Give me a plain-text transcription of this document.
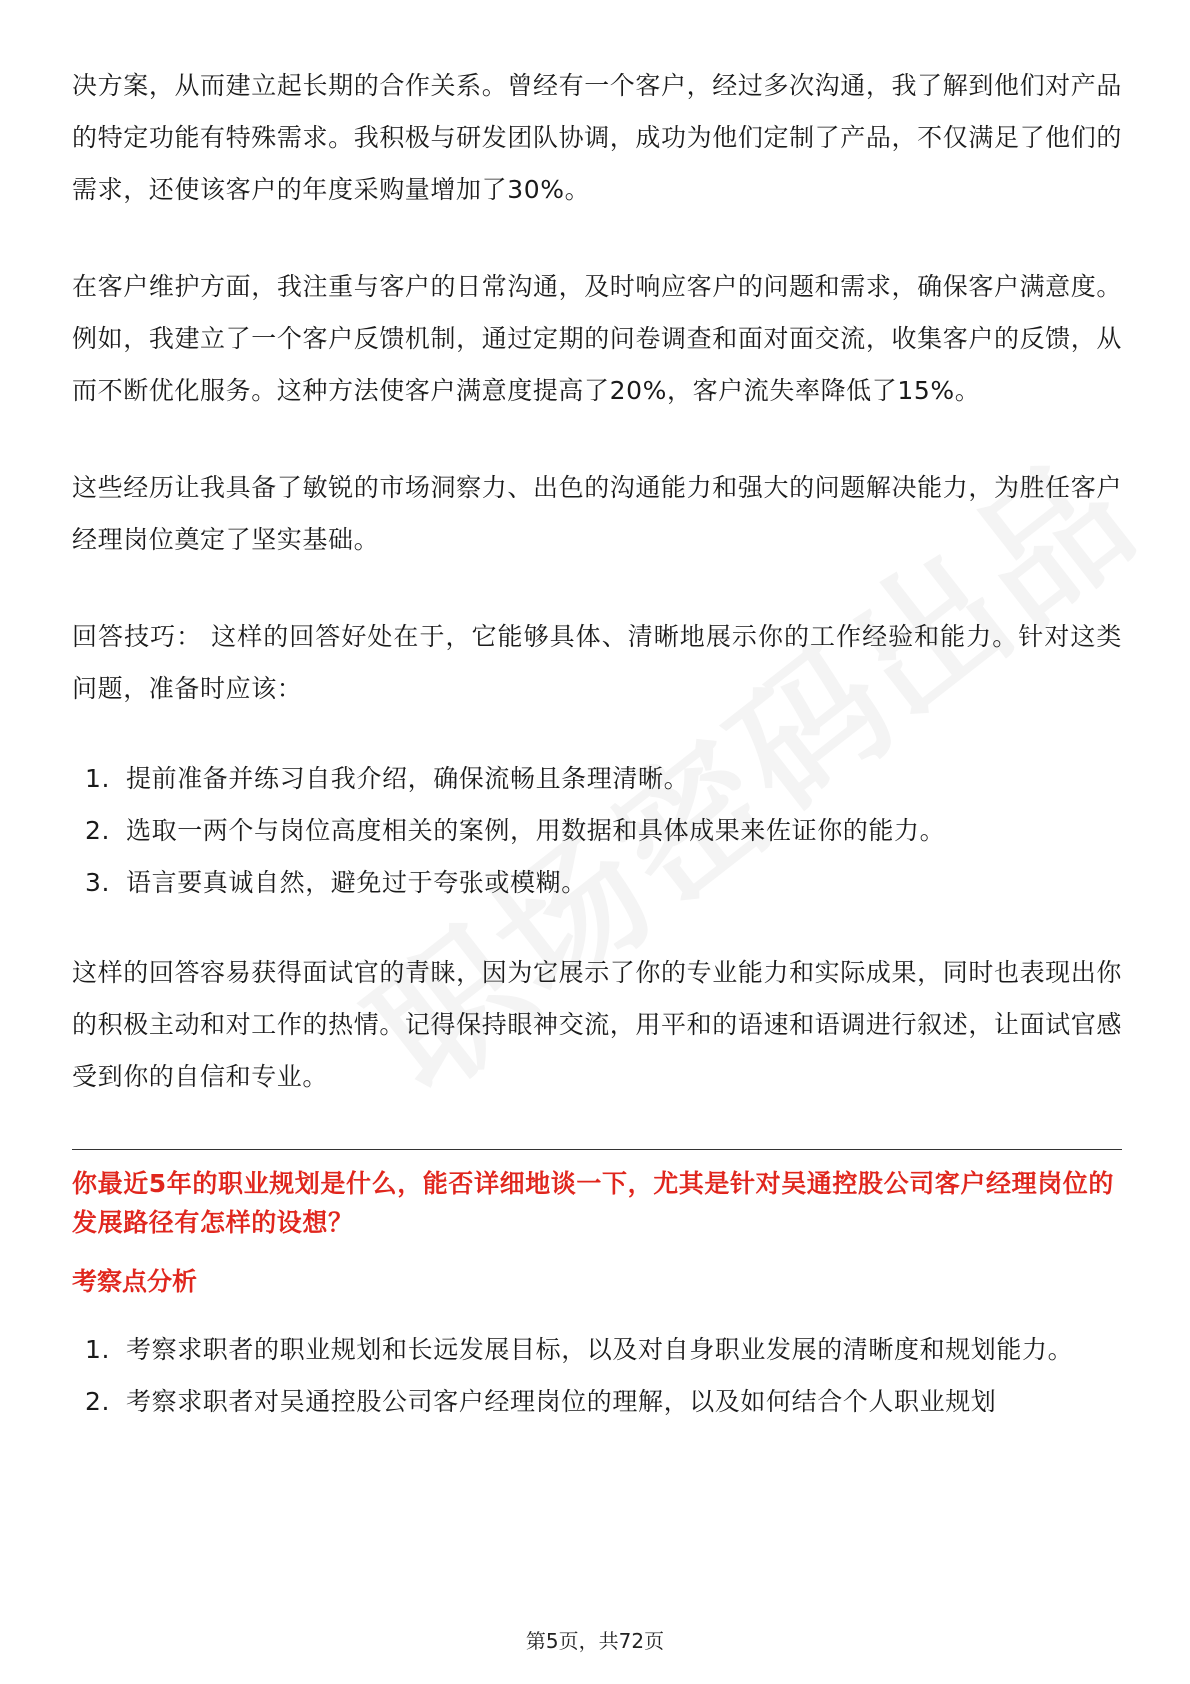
决方案，从而建立起长期的合作关系。曾经有一个客户，经过多次沟通，我了解到他们对产品的特定功能有特殊需求。我积极与研发团队协调，成功为他们定制了产品，不仅满足了他们的需求，还使该客户的年度采购量增加了30%。

在客户维护方面，我注重与客户的日常沟通，及时响应客户的问题和需求，确保客户满意度。例如，我建立了一个客户反馈机制，通过定期的问卷调查和面对面交流，收集客户的反馈，从而不断优化服务。这种方法使客户满意度提高了20%，客户流失率降低了15%。

这些经历让我具备了敏锐的市场洞察力、出色的沟通能力和强大的问题解决能力，为胜任客户经理岗位奠定了坚实基础。

回答技巧： 这样的回答好处在于，它能够具体、清晰地展示你的工作经验和能力。针对这类问题，准备时应该：

1. 提前准备并练习自我介绍，确保流畅且条理清晰。
2. 选取一两个与岗位高度相关的案例，用数据和具体成果来佐证你的能力。
3. 语言要真诚自然，避免过于夸张或模糊。

这样的回答容易获得面试官的青睐，因为它展示了你的专业能力和实际成果，同时也表现出你的积极主动和对工作的热情。记得保持眼神交流，用平和的语速和语调进行叙述，让面试官感受到你的自信和专业。

你最近5年的职业规划是什么，能否详细地谈一下，尤其是针对吴通控股公司客户经理岗位的发展路径有怎样的设想？

考察点分析
1. 考察求职者的职业规划和长远发展目标，以及对自身职业发展的清晰度和规划能力。
2. 考察求职者对吴通控股公司客户经理岗位的理解，以及如何结合个人职业规划
第5页，共72页
